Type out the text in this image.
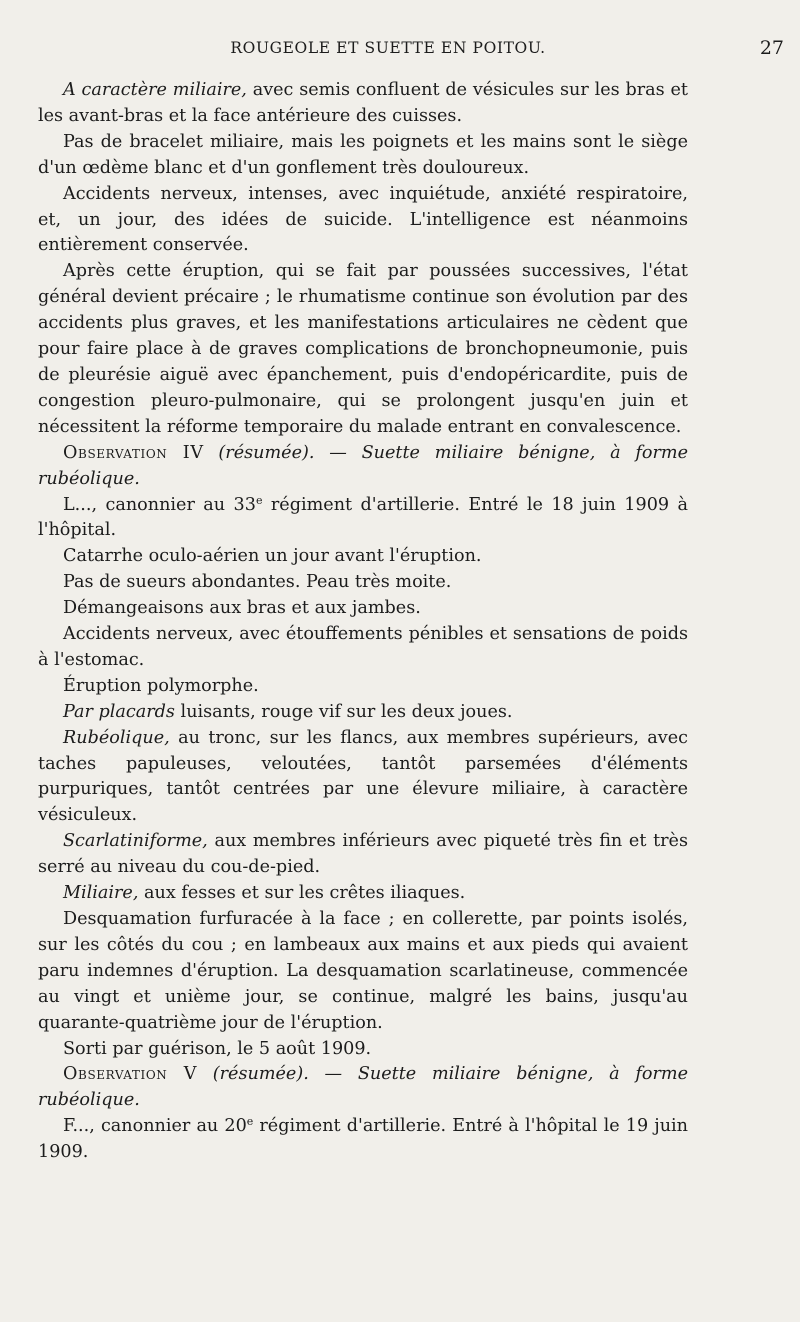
ROUGEOLE ET SUETTE EN POITOU.	27

A caractère miliaire, avec semis confluent de vésicules sur les bras et les avant-bras et la face antérieure des cuisses.

Pas de bracelet miliaire, mais les poignets et les mains sont le siège d'un œdème blanc et d'un gonflement très douloureux.

Accidents nerveux, intenses, avec inquiétude, anxiété respiratoire, et, un jour, des idées de suicide. L'intelligence est néanmoins entièrement conservée.

Après cette éruption, qui se fait par poussées successives, l'état général devient précaire ; le rhumatisme continue son évolution par des accidents plus graves, et les manifestations articulaires ne cèdent que pour faire place à de graves complications de bronchopneumonie, puis de pleurésie aiguë avec épanchement, puis d'endopéricardite, puis de congestion pleuro-pulmonaire, qui se prolongent jusqu'en juin et nécessitent la réforme temporaire du malade entrant en convalescence.

Observation IV (résumée). — Suette miliaire bénigne, à forme rubéolique.

L..., canonnier au 33e régiment d'artillerie. Entré le 18 juin 1909 à l'hôpital.

Catarrhe oculo-aérien un jour avant l'éruption.

Pas de sueurs abondantes. Peau très moite.

Démangeaisons aux bras et aux jambes.

Accidents nerveux, avec étouffements pénibles et sensations de poids à l'estomac.

Éruption polymorphe.

Par placards luisants, rouge vif sur les deux joues.

Rubéolique, au tronc, sur les flancs, aux membres supérieurs, avec taches papuleuses, veloutées, tantôt parsemées d'éléments purpuriques, tantôt centrées par une élevure miliaire, à caractère vésiculeux.

Scarlatiniforme, aux membres inférieurs avec piqueté très fin et très serré au niveau du cou-de-pied.

Miliaire, aux fesses et sur les crêtes iliaques.

Desquamation furfuracée à la face ; en collerette, par points isolés, sur les côtés du cou ; en lambeaux aux mains et aux pieds qui avaient paru indemnes d'éruption. La desquamation scarlatineuse, commencée au vingt et unième jour, se continue, malgré les bains, jusqu'au quarante-quatrième jour de l'éruption.

Sorti par guérison, le 5 août 1909.

Observation V (résumée). — Suette miliaire bénigne, à forme rubéolique.

F..., canonnier au 20e régiment d'artillerie. Entré à l'hôpital le 19 juin 1909.
